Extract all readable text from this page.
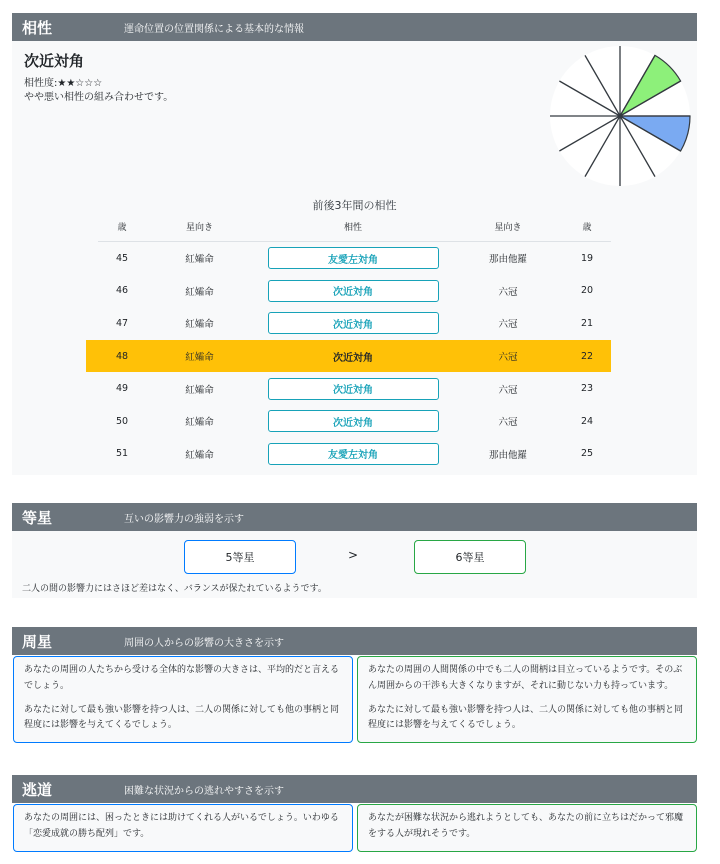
相性	運命位置の位置関係による基本的な情報
次近対角
相性度:★★☆☆☆
やや悪い相性の組み合わせです。
前後3年間の相性
歳	星向き	相性	星向き	歳
45	紅孀命	友愛左対角	那由他羅	19
46	紅孀命	次近対角	六冠	20
47	紅孀命	次近対角	六冠	21
48	紅孀命	次近対角	六冠	22
49	紅孀命	次近対角	六冠	23
50	紅孀命	次近対角	六冠	24
51	紅孀命	友愛左対角	那由他羅	25
等星	互いの影響力の強弱を示す
5等星	>	6等星
二人の間の影響力にはさほど差はなく、バランスが保たれているようです。
周星	周囲の人からの影響の大きさを示す

あなたの周囲の人たちから受ける全体的な影響の大きさは、平均的だと言えるでしょう。

あなたに対して最も強い影響を持つ人は、二人の関係に対しても他の事柄と同程度には影響を与えてくるでしょう。

あなたの周囲の人間関係の中でも二人の間柄は目立っているようです。そのぶん周囲からの干渉も大きくなりますが、それに動じない力も持っています。

あなたに対して最も強い影響を持つ人は、二人の関係に対しても他の事柄と同程度には影響を与えてくるでしょう。

逃道	困難な状況からの逃れやすさを示す

あなたの周囲には、困ったときには助けてくれる人がいるでしょう。いわゆる「恋愛成就の勝ち配列」です。

あなたが困難な状況から逃れようとしても、あなたの前に立ちはだかって邪魔をする人が現れそうです。
